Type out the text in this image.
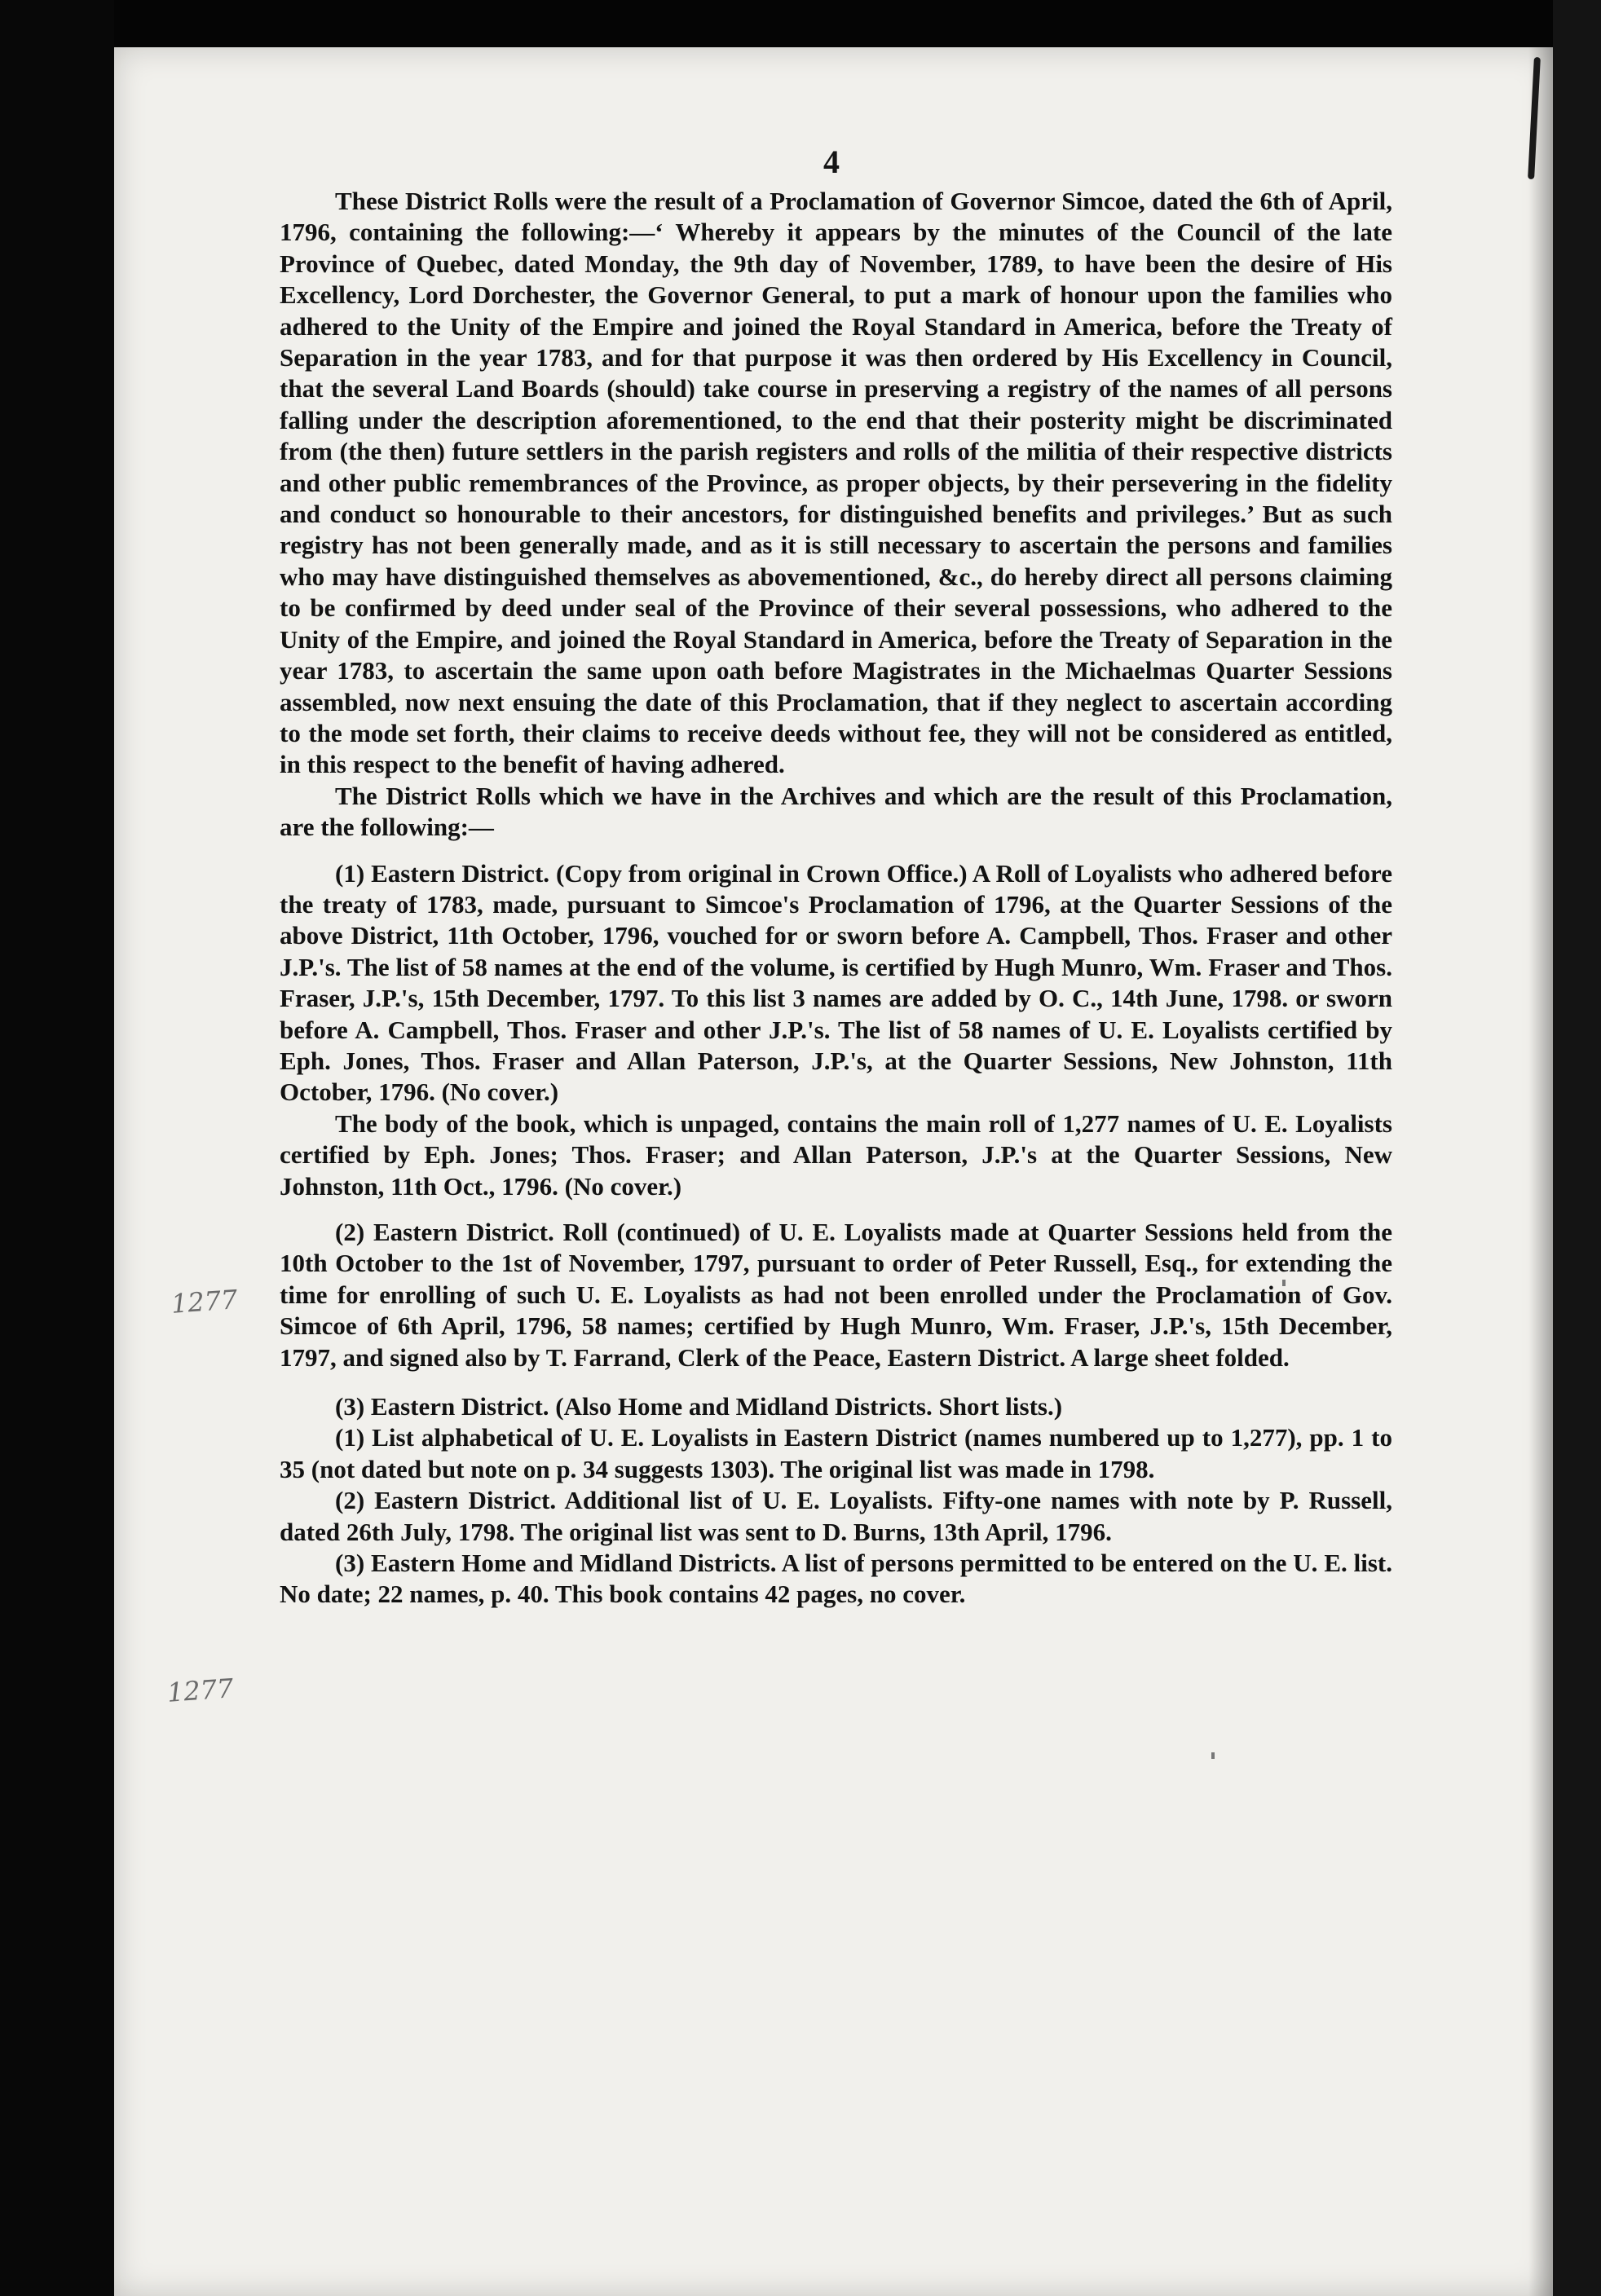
4
1277
1277

These District Rolls were the result of a Proclamation of Governor Simcoe, dated the 6th of April, 1796, containing the following:—‘ Whereby it appears by the minutes of the Council of the late Province of Quebec, dated Monday, the 9th day of November, 1789, to have been the desire of His Excellency, Lord Dorchester, the Governor General, to put a mark of honour upon the families who adhered to the Unity of the Empire and joined the Royal Standard in America, before the Treaty of Separation in the year 1783, and for that purpose it was then ordered by His Excellency in Council, that the several Land Boards (should) take course in preserving a registry of the names of all persons falling under the description aforementioned, to the end that their posterity might be discriminated from (the then) future settlers in the parish registers and rolls of the militia of their respective districts and other public remembrances of the Province, as proper objects, by their persevering in the fidelity and conduct so honourable to their ancestors, for distinguished benefits and privileges.’ But as such registry has not been generally made, and as it is still necessary to ascertain the persons and families who may have distinguished themselves as abovementioned, &c., do hereby direct all persons claiming to be confirmed by deed under seal of the Province of their several possessions, who adhered to the Unity of the Empire, and joined the Royal Standard in America, before the Treaty of Separation in the year 1783, to ascertain the same upon oath before Magistrates in the Michaelmas Quarter Sessions assembled, now next ensuing the date of this Proclamation, that if they neglect to ascertain according to the mode set forth, their claims to receive deeds without fee, they will not be considered as entitled, in this respect to the benefit of having adhered.

The District Rolls which we have in the Archives and which are the result of this Proclamation, are the following:—

(1) Eastern District. (Copy from original in Crown Office.) A Roll of Loyalists who adhered before the treaty of 1783, made, pursuant to Simcoe's Proclamation of 1796, at the Quarter Sessions of the above District, 11th October, 1796, vouched for or sworn before A. Campbell, Thos. Fraser and other J.P.'s. The list of 58 names at the end of the volume, is certified by Hugh Munro, Wm. Fraser and Thos. Fraser, J.P.'s, 15th December, 1797. To this list 3 names are added by O. C., 14th June, 1798. or sworn before A. Campbell, Thos. Fraser and other J.P.'s. The list of 58 names of U. E. Loyalists certified by Eph. Jones, Thos. Fraser and Allan Paterson, J.P.'s, at the Quarter Sessions, New Johnston, 11th October, 1796. (No cover.)

The body of the book, which is unpaged, contains the main roll of 1,277 names of U. E. Loyalists certified by Eph. Jones; Thos. Fraser; and Allan Paterson, J.P.'s at the Quarter Sessions, New Johnston, 11th Oct., 1796. (No cover.)

(2) Eastern District. Roll (continued) of U. E. Loyalists made at Quarter Sessions held from the 10th October to the 1st of November, 1797, pursuant to order of Peter Russell, Esq., for extending the time for enrolling of such U. E. Loyalists as had not been enrolled under the Proclamation of Gov. Simcoe of 6th April, 1796, 58 names; certified by Hugh Munro, Wm. Fraser, J.P.'s, 15th December, 1797, and signed also by T. Farrand, Clerk of the Peace, Eastern District. A large sheet folded.

(3) Eastern District. (Also Home and Midland Districts. Short lists.)

(1) List alphabetical of U. E. Loyalists in Eastern District (names numbered up to 1,277), pp. 1 to 35 (not dated but note on p. 34 suggests 1303). The original list was made in 1798.

(2) Eastern District. Additional list of U. E. Loyalists. Fifty-one names with note by P. Russell, dated 26th July, 1798. The original list was sent to D. Burns, 13th April, 1796.

(3) Eastern Home and Midland Districts. A list of persons permitted to be entered on the U. E. list. No date; 22 names, p. 40. This book contains 42 pages, no cover.
